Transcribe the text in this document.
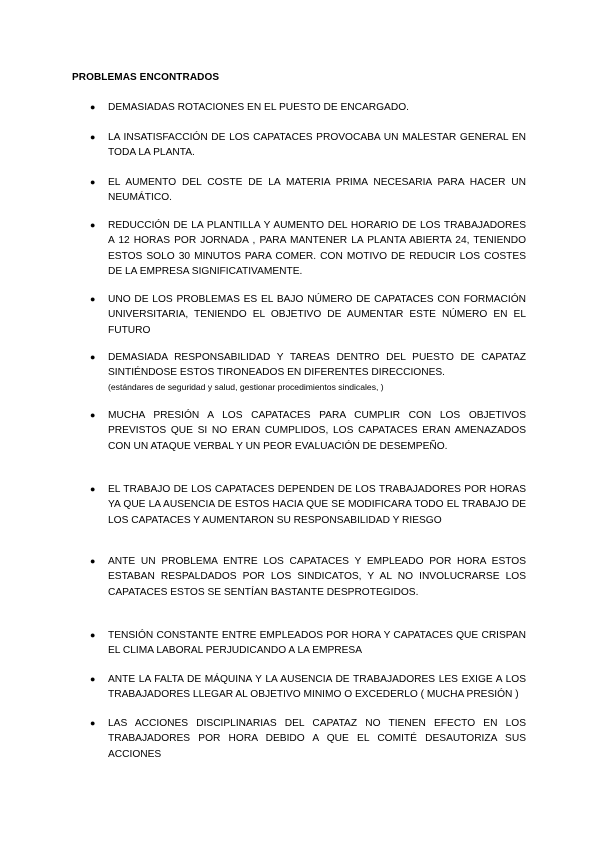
PROBLEMAS ENCONTRADOS
● DEMASIADAS ROTACIONES EN EL PUESTO DE ENCARGADO.
● LA INSATISFACCIÓN DE LOS CAPATACES PROVOCABA UN MALESTAR GENERAL EN TODA LA PLANTA.
● EL AUMENTO DEL COSTE DE LA MATERIA PRIMA NECESARIA PARA HACER UN NEUMÁTICO.
● REDUCCIÓN DE LA PLANTILLA Y AUMENTO DEL HORARIO DE LOS TRABAJADORES A 12 HORAS POR JORNADA , PARA MANTENER LA PLANTA ABIERTA 24, TENIENDO ESTOS SOLO 30 MINUTOS PARA COMER. CON MOTIVO DE REDUCIR LOS COSTES DE LA EMPRESA SIGNIFICATIVAMENTE.
● UNO DE LOS PROBLEMAS ES EL BAJO NÚMERO DE CAPATACES CON FORMACIÓN UNIVERSITARIA, TENIENDO EL OBJETIVO DE AUMENTAR ESTE NÚMERO EN EL FUTURO
● DEMASIADA RESPONSABILIDAD Y TAREAS DENTRO DEL PUESTO DE CAPATAZ SINTIÉNDOSE ESTOS TIRONEADOS EN DIFERENTES DIRECCIONES.
(estándares de seguridad y salud, gestionar procedimientos sindicales, )
● MUCHA PRESIÓN A LOS CAPATACES PARA CUMPLIR CON LOS OBJETIVOS PREVISTOS QUE SI NO ERAN CUMPLIDOS, LOS CAPATACES ERAN AMENAZADOS CON UN ATAQUE VERBAL Y UN PEOR EVALUACIÓN DE DESEMPEÑO.
● EL TRABAJO DE LOS CAPATACES DEPENDEN DE LOS TRABAJADORES POR HORAS YA QUE LA AUSENCIA DE ESTOS HACIA QUE SE MODIFICARA TODO EL TRABAJO DE LOS CAPATACES Y AUMENTARON SU RESPONSABILIDAD Y RIESGO
● ANTE UN PROBLEMA ENTRE LOS CAPATACES Y EMPLEADO POR HORA ESTOS ESTABAN RESPALDADOS POR LOS SINDICATOS, Y AL NO INVOLUCRARSE LOS CAPATACES ESTOS SE SENTÍAN BASTANTE DESPROTEGIDOS.
● TENSIÓN CONSTANTE ENTRE EMPLEADOS POR HORA Y CAPATACES QUE CRISPAN EL CLIMA LABORAL PERJUDICANDO A LA EMPRESA
● ANTE LA FALTA DE MÁQUINA Y LA AUSENCIA DE TRABAJADORES LES EXIGE A LOS TRABAJADORES LLEGAR AL OBJETIVO MINIMO O EXCEDERLO ( MUCHA PRESIÓN )
● LAS ACCIONES DISCIPLINARIAS DEL CAPATAZ NO TIENEN EFECTO EN LOS TRABAJADORES POR HORA DEBIDO A QUE EL COMITÉ DESAUTORIZA SUS ACCIONES
